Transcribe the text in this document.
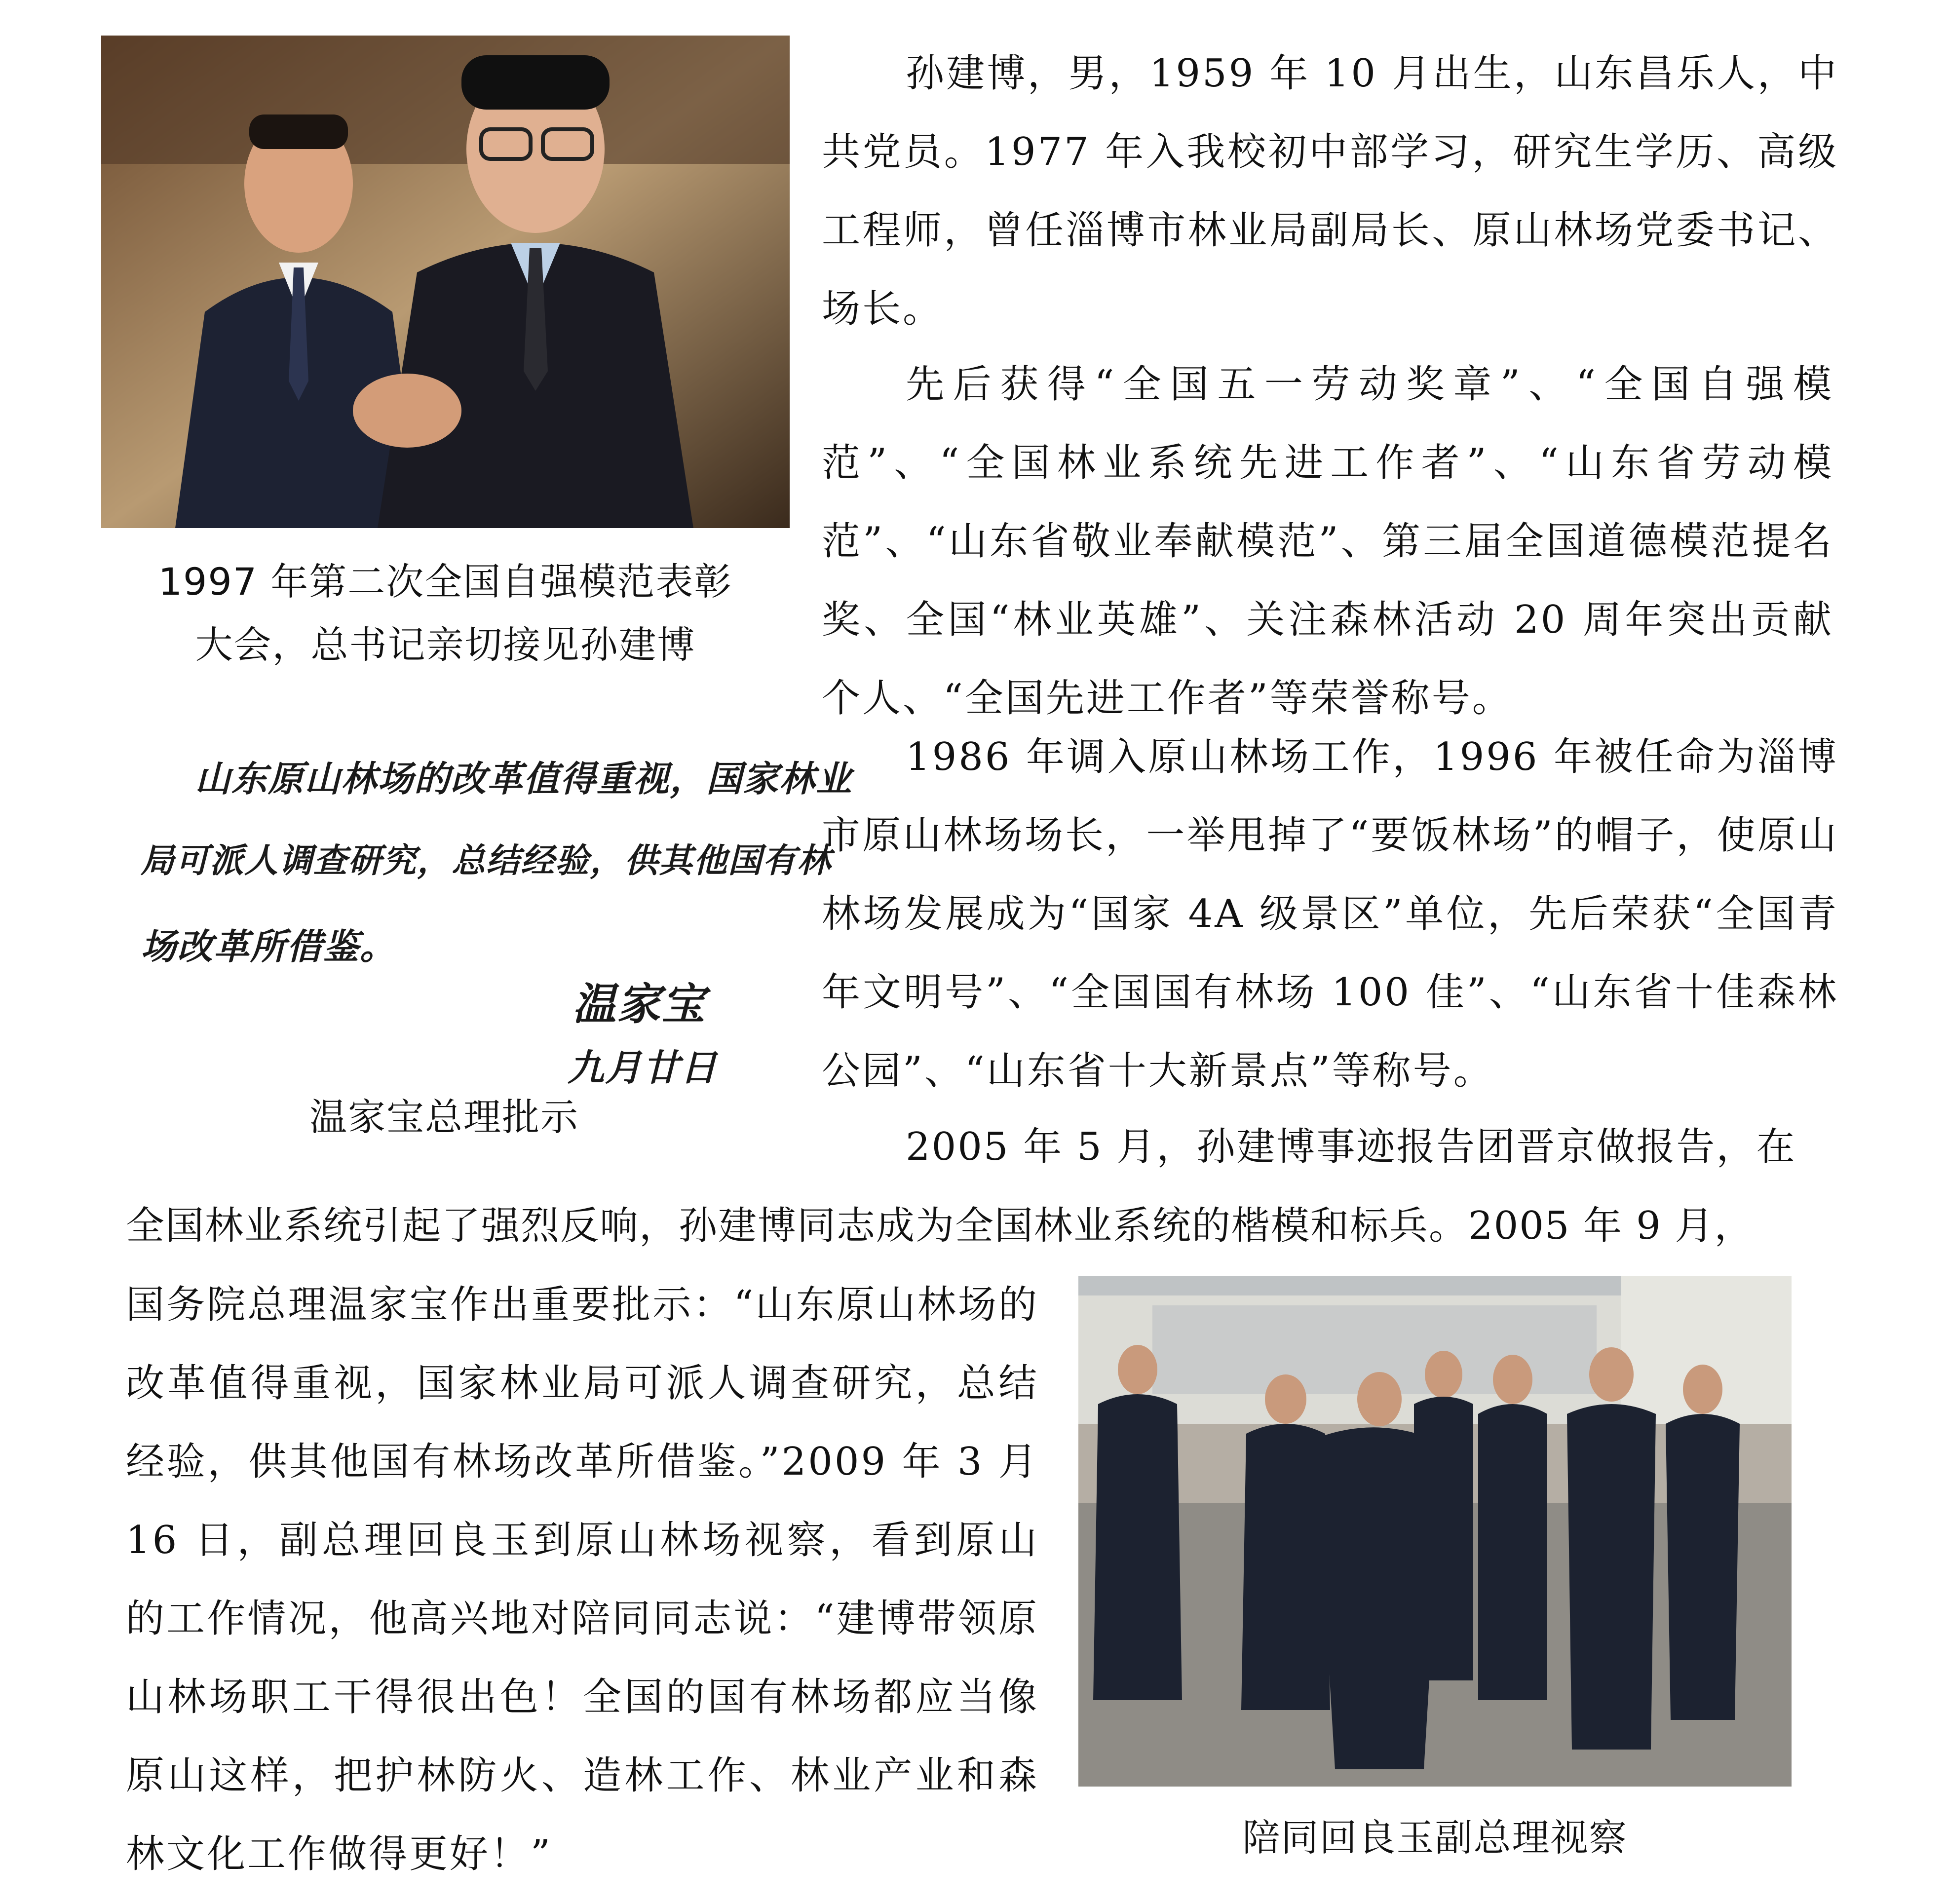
1997 年第二次全国自强模范表彰
大会，总书记亲切接见孙建博
山东原山林场的改革值得重视，国家林业
局可派人调查研究，总结经验，供其他国有林
场改革所借鉴。
温家宝
九月廿日
温家宝总理批示
孙建博，男，1959 年 10 月出生，山东昌乐人，中共党员。1977 年入我校初中部学习，研究生学历、高级工程师，曾任淄博市林业局副局长、原山林场党委书记、场长。
先后获得“全国五一劳动奖章”、“全国自强模范”、“全国林业系统先进工作者”、“山东省劳动模范”、“山东省敬业奉献模范”、第三届全国道德模范提名奖、全国“林业英雄”、关注森林活动 20 周年突出贡献个人、“全国先进工作者”等荣誉称号。
1986 年调入原山林场工作，1996 年被任命为淄博市原山林场场长，一举甩掉了“要饭林场”的帽子，使原山林场发展成为“国家 4A 级景区”单位，先后荣获“全国青年文明号”、“全国国有林场 100 佳”、“山东省十佳森林公园”、“山东省十大新景点”等称号。
2005 年 5 月，孙建博事迹报告团晋京做报告，在
全国林业系统引起了强烈反响，孙建博同志成为全国林业系统的楷模和标兵。2005 年 9 月，
国务院总理温家宝作出重要批示：“山东原山林场的改革值得重视，国家林业局可派人调查研究，总结经验，供其他国有林场改革所借鉴。”2009 年 3 月 16 日，副总理回良玉到原山林场视察，看到原山的工作情况，他高兴地对陪同同志说：“建博带领原山林场职工干得很出色！全国的国有林场都应当像原山这样，把护林防火、造林工作、林业产业和森林文化工作做得更好！”	陪同回良玉副总理视察
